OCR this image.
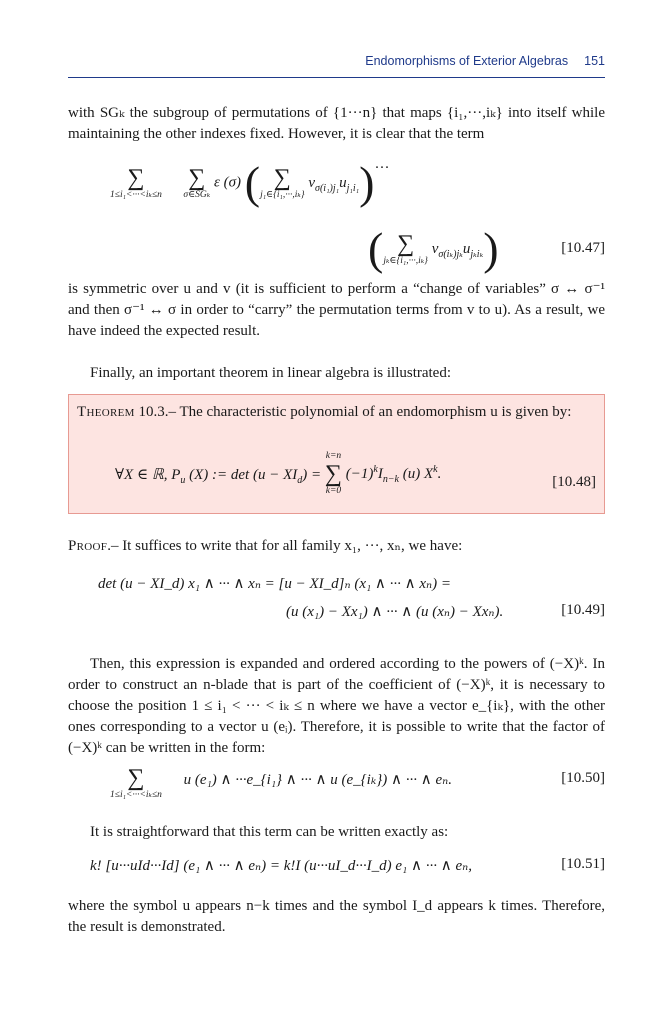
Endomorphisms of Exterior Algebras 151
with SGₖ the subgroup of permutations of {1···n} that maps {i₁,···,iₖ} into itself while maintaining the other indexes fixed. However, it is clear that the term
∑
1≤i₁<···<iₖ≤n

∑
σ∈SGₖ
ε (σ) ( ∑
j₁∈{i₁,···,iₖ}
$v_{\sigma(i_1)j_1}u_{j_1i_1})\cdot\cdot\cdot$
( ∑
jₖ∈{i₁,···,iₖ}
$v_{\sigma(i_k)j_k}u_{j_ki_k}$)	[10.47]
is symmetric over u and v (it is sufficient to perform a “change of variables” σ ↔ σ⁻¹ and then σ⁻¹ ↔ σ in order to “carry” the permutation terms from v to u). As a result, we have indeed the expected result.
Finally, an important theorem in linear algebra is illustrated:
Theorem 10.3.– The characteristic polynomial of an endomorphism u is given by:
∀X ∈ ℝ, $P_u$ (X) := $\det (u - XI_d)$ =
k=n
∑
k=0
$(-1)^kI_{n-k}$ (u) $X^k$.
[10.48]
Proof.– It suffices to write that for all family x₁, ···, xₙ, we have:
det (u − XI_d) x₁ ∧ ··· ∧ xₙ = [u − XI_d]ₙ (x₁ ∧ ··· ∧ xₙ) =
(u (x₁) − Xx₁) ∧ ··· ∧ (u (xₙ) − Xxₙ).	[10.49]
Then, this expression is expanded and ordered according to the powers of (−X)ᵏ. In order to construct an n-blade that is part of the coefficient of (−X)ᵏ, it is necessary to choose the position 1 ≤ i₁ < ··· < iₖ ≤ n where we have a vector e_{iₖ}, with the other ones corresponding to a vector u (eᵢ). Therefore, it is possible to write that the factor of (−X)ᵏ can be written in the form:
∑
1≤i₁<···<iₖ≤n
u (e₁) ∧ ···e_{i₁} ∧ ··· ∧ u (e_{iₖ}) ∧ ··· ∧ eₙ.	[10.50]
It is straightforward that this term can be written exactly as:
k! [u···uId···Id] (e₁ ∧ ··· ∧ eₙ) = k!I (u···uI_d···I_d) e₁ ∧ ··· ∧ eₙ,	[10.51]
where the symbol u appears n−k times and the symbol I_d appears k times. Therefore, the result is demonstrated.
